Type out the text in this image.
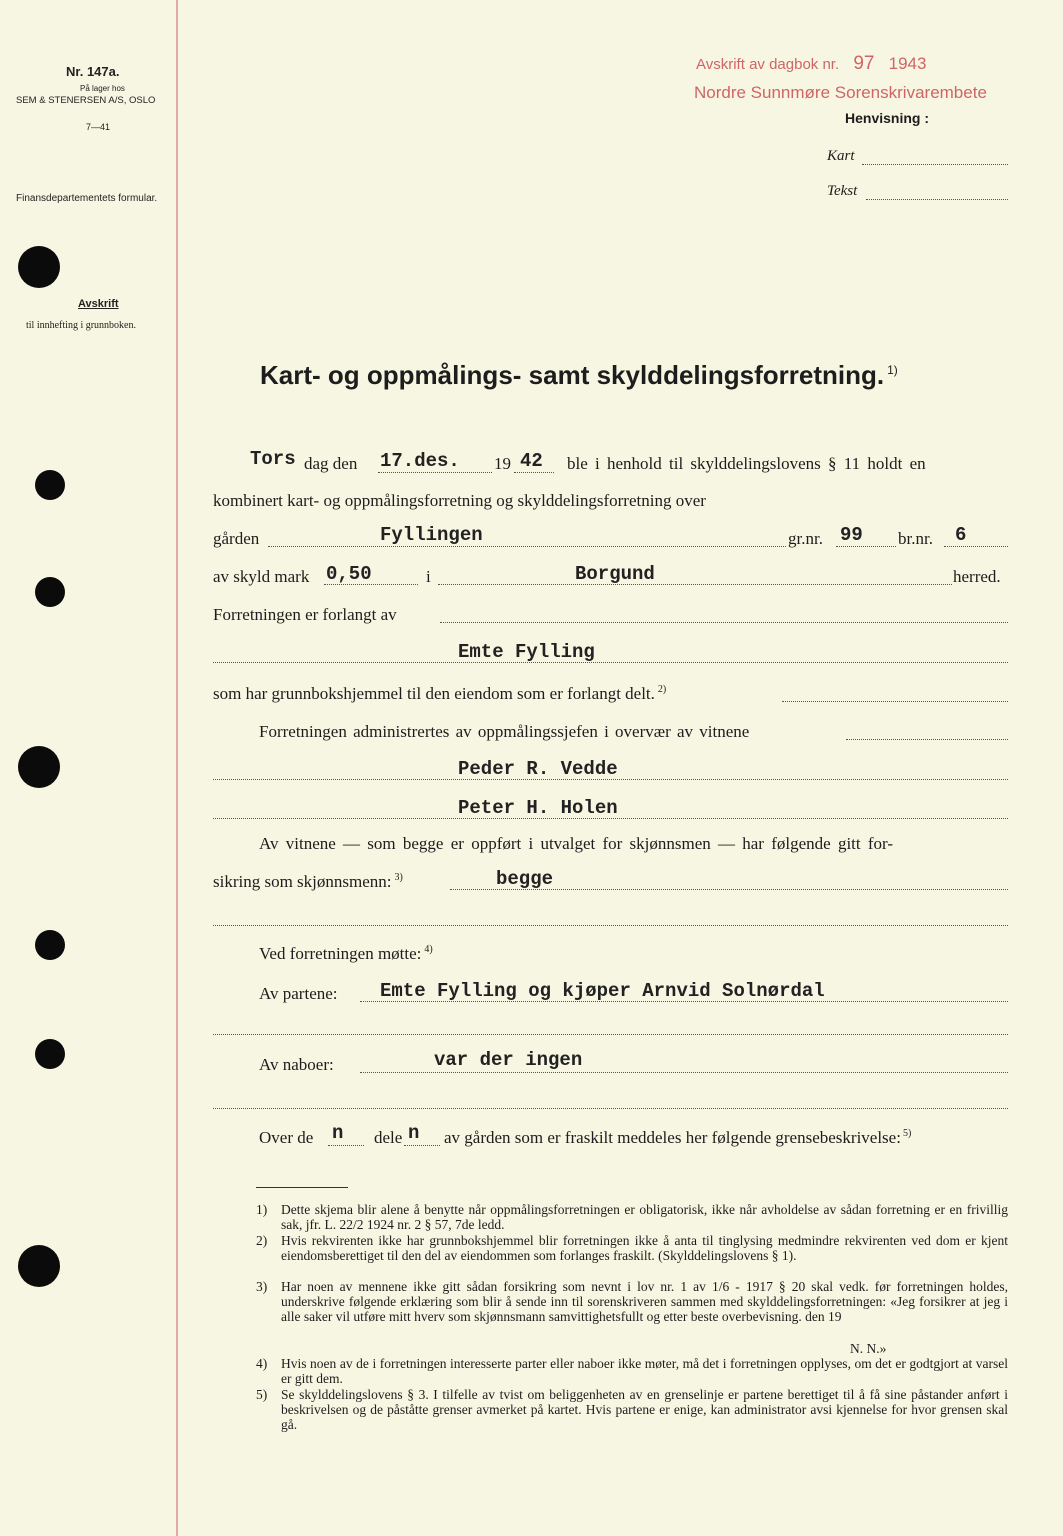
Nr. 147a.
På lager hos
SEM & STENERSEN A/S, OSLO
7—41
Finansdepartementets formular.
Avskrift
til innhefting i grunnboken.
Avskrift av dagbok nr. 97 1943
Nordre Sunnmøre Sorenskrivarembete
Henvisning :
Kart
Tekst
Kart- og oppmålings- samt skylddelingsforretning. $^{1)}$
Tors dag den 17.des. 19 42 ble i henhold til skylddelingslovens § 11 holdt en
kombinert kart- og oppmålingsforretning og skylddelingsforretning over
gården	Fyllingen	gr.nr. 99 br.nr. 6
av skyld mark 0,50	i	Borgund	herred.
Forretningen er forlangt av
Emte Fylling
som har grunnbokshjemmel til den eiendom som er forlangt delt. $^{2)}$
Forretningen administrertes av oppmålingssjefen i overvær av vitnene
Peder R. Vedde
Peter H. Holen
Av vitnene — som begge er oppført i utvalget for skjønnsmen — har følgende gitt for-
sikring som skjønnsmenn: $^{3)}$	begge
Ved forretningen møtte: $^{4)}$
Av partene: Emte Fylling og kjøper Arnvid Solnørdal
Av naboer:	var der ingen
Over de n dele n av gården som er fraskilt meddeles her følgende grensebeskrivelse: $^{5)}$
1) Dette skjema blir alene å benytte når oppmålingsforretningen er obligatorisk, ikke når avholdelse av sådan forretning er en frivillig sak, jfr. L. 22/2 1924 nr. 2 § 57, 7de ledd.
2) Hvis rekvirenten ikke har grunnbokshjemmel blir forretningen ikke å anta til tinglysing medmindre rekvirenten ved dom er kjent eiendomsberettiget til den del av eiendommen som forlanges fraskilt. (Skylddelingslovens § 1).
3) Har noen av mennene ikke gitt sådan forsikring som nevnt i lov nr. 1 av 1/6 - 1917 § 20 skal vedk. før forretningen holdes, underskrive følgende erklæring som blir å sende inn til sorenskriveren sammen med skylddelingsforretningen: «Jeg forsikrer at jeg i alle saker vil utføre mitt hverv som skjønnsmann samvittighetsfullt og etter beste overbevisning. den 19
N. N.»
4) Hvis noen av de i forretningen interesserte parter eller naboer ikke møter, må det i forretningen opplyses, om det er godtgjort at varsel er gitt dem.
5) Se skylddelingslovens § 3. I tilfelle av tvist om beliggenheten av en grenselinje er partene berettiget til å få sine påstander anført i beskrivelsen og de påståtte grenser avmerket på kartet. Hvis partene er enige, kan administrator avsi kjennelse for hvor grensen skal gå.
